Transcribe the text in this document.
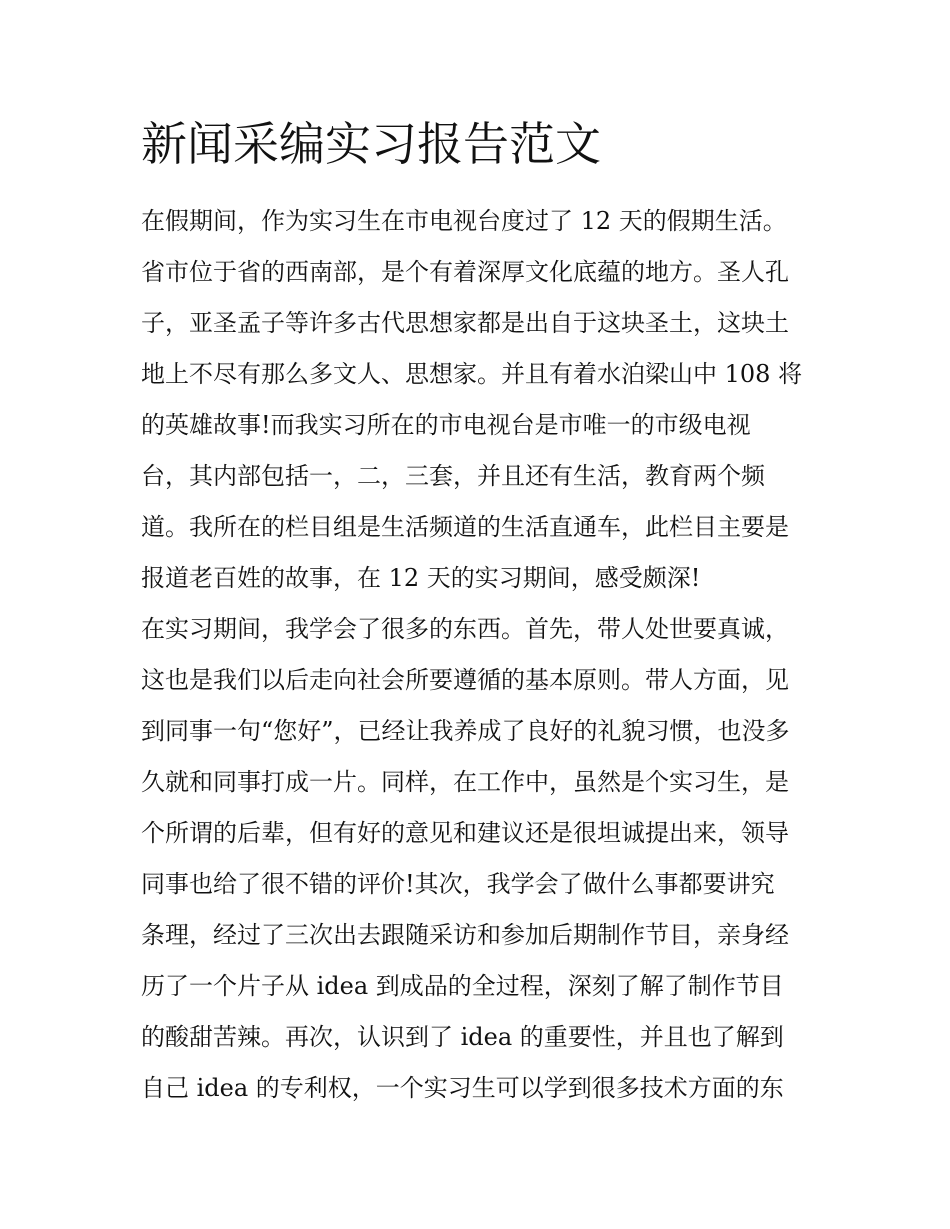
新闻采编实习报告范文

在假期间，作为实习生在市电视台度过了 12 天的假期生活。

省市位于省的西南部，是个有着深厚文化底蕴的地方。圣人孔

子，亚圣孟子等许多古代思想家都是出自于这块圣土，这块土

地上不尽有那么多文人、思想家。并且有着水泊梁山中 108 将

的英雄故事!而我实习所在的市电视台是市唯一的市级电视

台，其内部包括一，二，三套，并且还有生活，教育两个频

道。我所在的栏目组是生活频道的生活直通车，此栏目主要是

报道老百姓的故事，在 12 天的实习期间，感受颇深!

在实习期间，我学会了很多的东西。首先，带人处世要真诚，

这也是我们以后走向社会所要遵循的基本原则。带人方面，见

到同事一句“您好”，已经让我养成了良好的礼貌习惯，也没多

久就和同事打成一片。同样，在工作中，虽然是个实习生，是

个所谓的后辈，但有好的意见和建议还是很坦诚提出来，领导

同事也给了很不错的评价!其次，我学会了做什么事都要讲究

条理，经过了三次出去跟随采访和参加后期制作节目，亲身经

历了一个片子从 idea 到成品的全过程，深刻了解了制作节目

的酸甜苦辣。再次，认识到了 idea 的重要性，并且也了解到

自己 idea 的专利权，一个实习生可以学到很多技术方面的东
